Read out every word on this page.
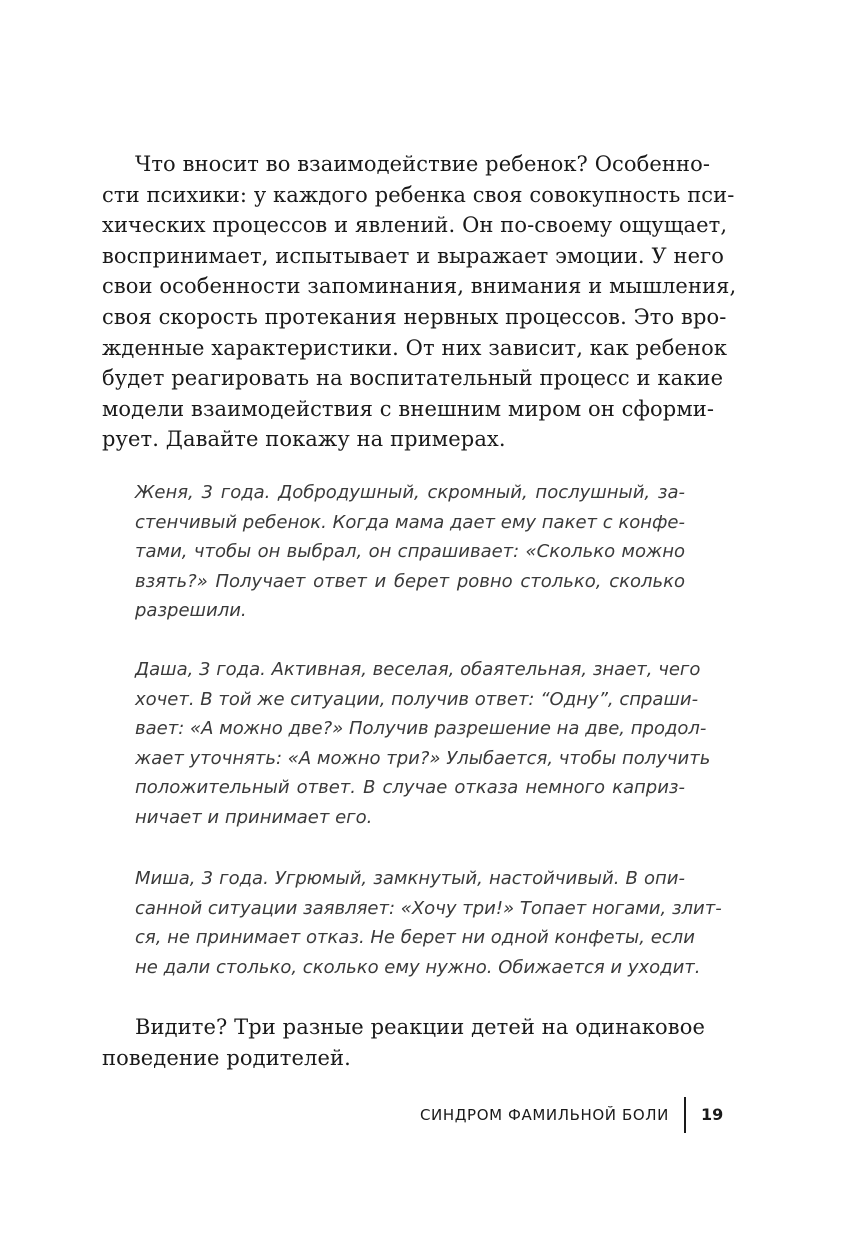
Что вносит во взаимодействие ребенок? Особенно-
сти психики: у каждого ребенка своя совокупность пси-
хических процессов и явлений. Он по-своему ощущает,
воспринимает, испытывает и выражает эмоции. У него
свои особенности запоминания, внимания и мышления,
своя скорость протекания нервных процессов. Это вро-
жденные характеристики. От них зависит, как ребенок
будет реагировать на воспитательный процесс и какие
модели взаимодействия с внешним миром он сформи-
рует. Давайте покажу на примерах.
Женя, 3 года. Добродушный, скромный, послушный, за-
стенчивый ребенок. Когда мама дает ему пакет с конфе-
тами, чтобы он выбрал, он спрашивает: «Сколько можно
взять?» Получает ответ и берет ровно столько, сколько
разрешили.
Даша, 3 года. Активная, веселая, обаятельная, знает, чего
хочет. В той же ситуации, получив ответ: “Одну”, спраши-
вает: «А можно две?» Получив разрешение на две, продол-
жает уточнять: «А можно три?» Улыбается, чтобы получить
положительный ответ. В случае отказа немного каприз-
ничает и принимает его.
Миша, 3 года. Угрюмый, замкнутый, настойчивый. В опи-
санной ситуации заявляет: «Хочу три!» Топает ногами, злит-
ся, не принимает отказ. Не берет ни одной конфеты, если
не дали столько, сколько ему нужно. Обижается и уходит.
Видите? Три разные реакции детей на одинаковое
поведение родителей.
СИНДРОМ ФАМИЛЬНОЙ БОЛИ 19
